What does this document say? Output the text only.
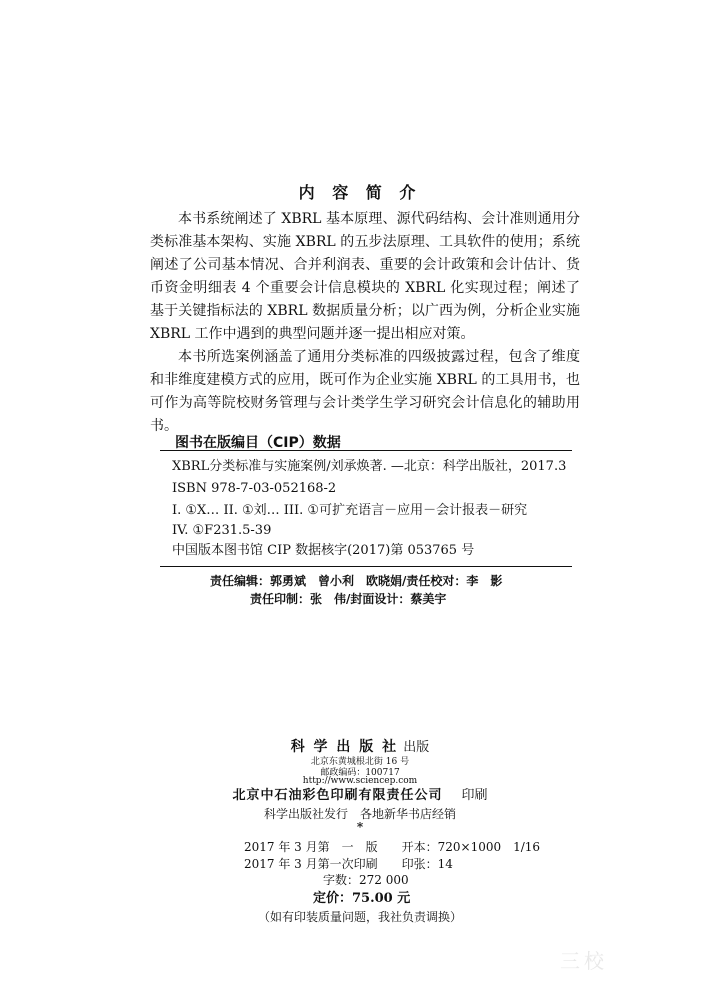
内 容 简 介

本书系统阐述了 XBRL 基本原理、源代码结构、会计准则通用分类标准基本架构、实施 XBRL 的五步法原理、工具软件的使用；系统阐述了公司基本情况、合并利润表、重要的会计政策和会计估计、货币资金明细表 4 个重要会计信息模块的 XBRL 化实现过程；阐述了基于关键指标法的 XBRL 数据质量分析；以广西为例，分析企业实施 XBRL 工作中遇到的典型问题并逐一提出相应对策。

本书所选案例涵盖了通用分类标准的四级披露过程，包含了维度和非维度建模方式的应用，既可作为企业实施 XBRL 的工具用书，也可作为高等院校财务管理与会计类学生学习研究会计信息化的辅助用书。

图书在版编目（CIP）数据
XBRL分类标准与实施案例/刘承焕著. —北京：科学出版社，2017.3
ISBN 978-7-03-052168-2
I. ①X… II. ①刘… III. ①可扩充语言－应用－会计报表－研究
IV. ①F231.5-39
中国版本图书馆 CIP 数据核字(2017)第 053765 号
责任编辑：郭勇斌　曾小利　欧晓娟/责任校对：李　影
责任印制：张　伟/封面设计：蔡美宇
科 学 出 版 社 出版
北京东黄城根北街 16 号
邮政编码：100717
http://www.sciencep.com
北京中石油彩色印刷有限责任公司 印刷
科学出版社发行　各地新华书店经销
*
2017 年 3 月第　一　版　　开本：720×1000　1/16
2017 年 3 月第一次印刷　　印张：14
字数：272 000
定价：75.00 元
（如有印装质量问题，我社负责调换）
三校
